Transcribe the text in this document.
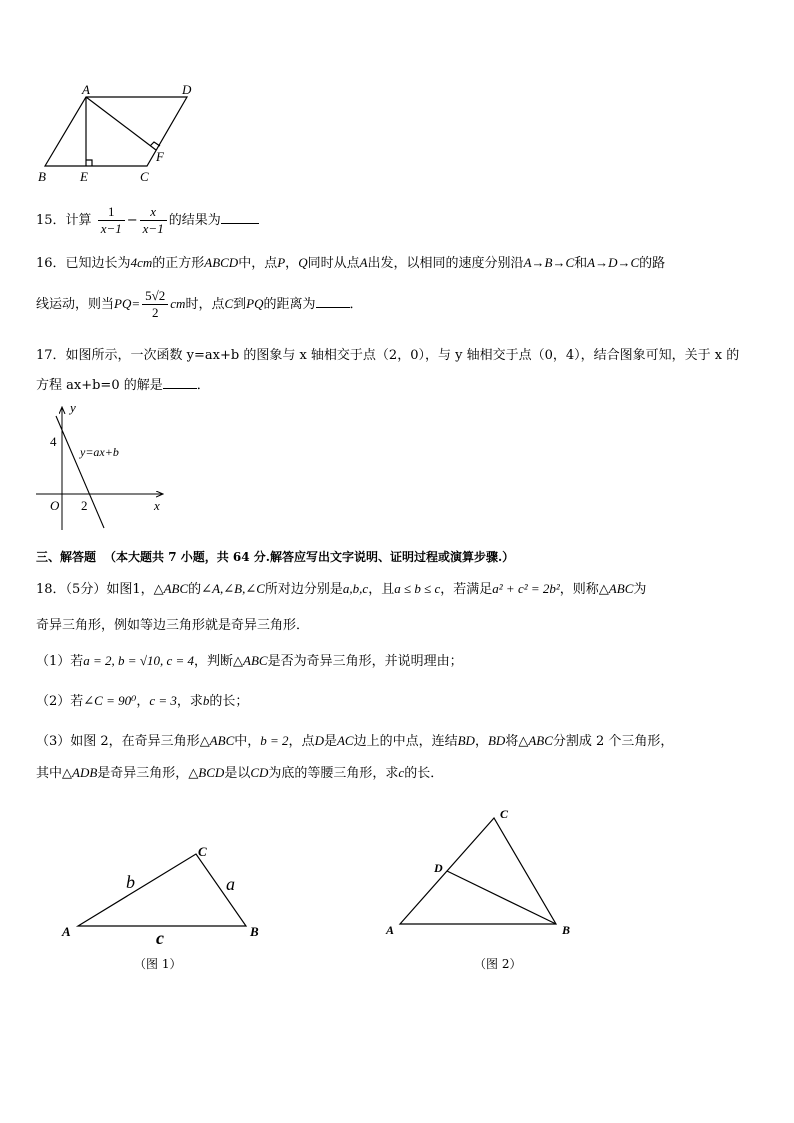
A	D
B	E	C
F
15．计算 $\frac{1}{x-1} - \frac{x}{x-1}$ 的结果为
16．已知边长为4cm的正方形ABCD中，点P，Q同时从点A出发，以相同的速度分别沿A→B→C和A→D→C的路
线运动，则当$PQ= \frac{5√2}{2}$ cm时，点C到PQ的距离为	．
17．如图所示，一次函数 y=ax+b 的图象与 x 轴相交于点（2，0），与 y 轴相交于点（0，4），结合图象可知，关于 x 的
方程 ax+b=0 的解是	．
y
x
O
4
2
y=ax+b
三、解答题 （本大题共 7 小题，共 64 分.解答应写出文字说明、证明过程或演算步骤.）
18．（5分）如图1，△ABC的∠A,∠B,∠C所对边分别是a,b,c，且a ≤ b ≤ c，若满足a² + c² = 2b²，则称△ABC为
奇异三角形，例如等边三角形就是奇异三角形．
（1）若a = 2, b = √10, c = 4，判断△ABC是否为奇异三角形，并说明理由；
（2）若∠C = 90⁰，c = 3，求b的长；
（3）如图 2，在奇异三角形△ABC中，b = 2，点D是AC边上的中点，连结BD，BD将△ABC分割成 2 个三角形，
其中△ADB是奇异三角形，△BCD是以CD为底的等腰三角形，求c的长．
A	B
C
b	a
c
（图 1）
A	B
C
D
（图 2）
